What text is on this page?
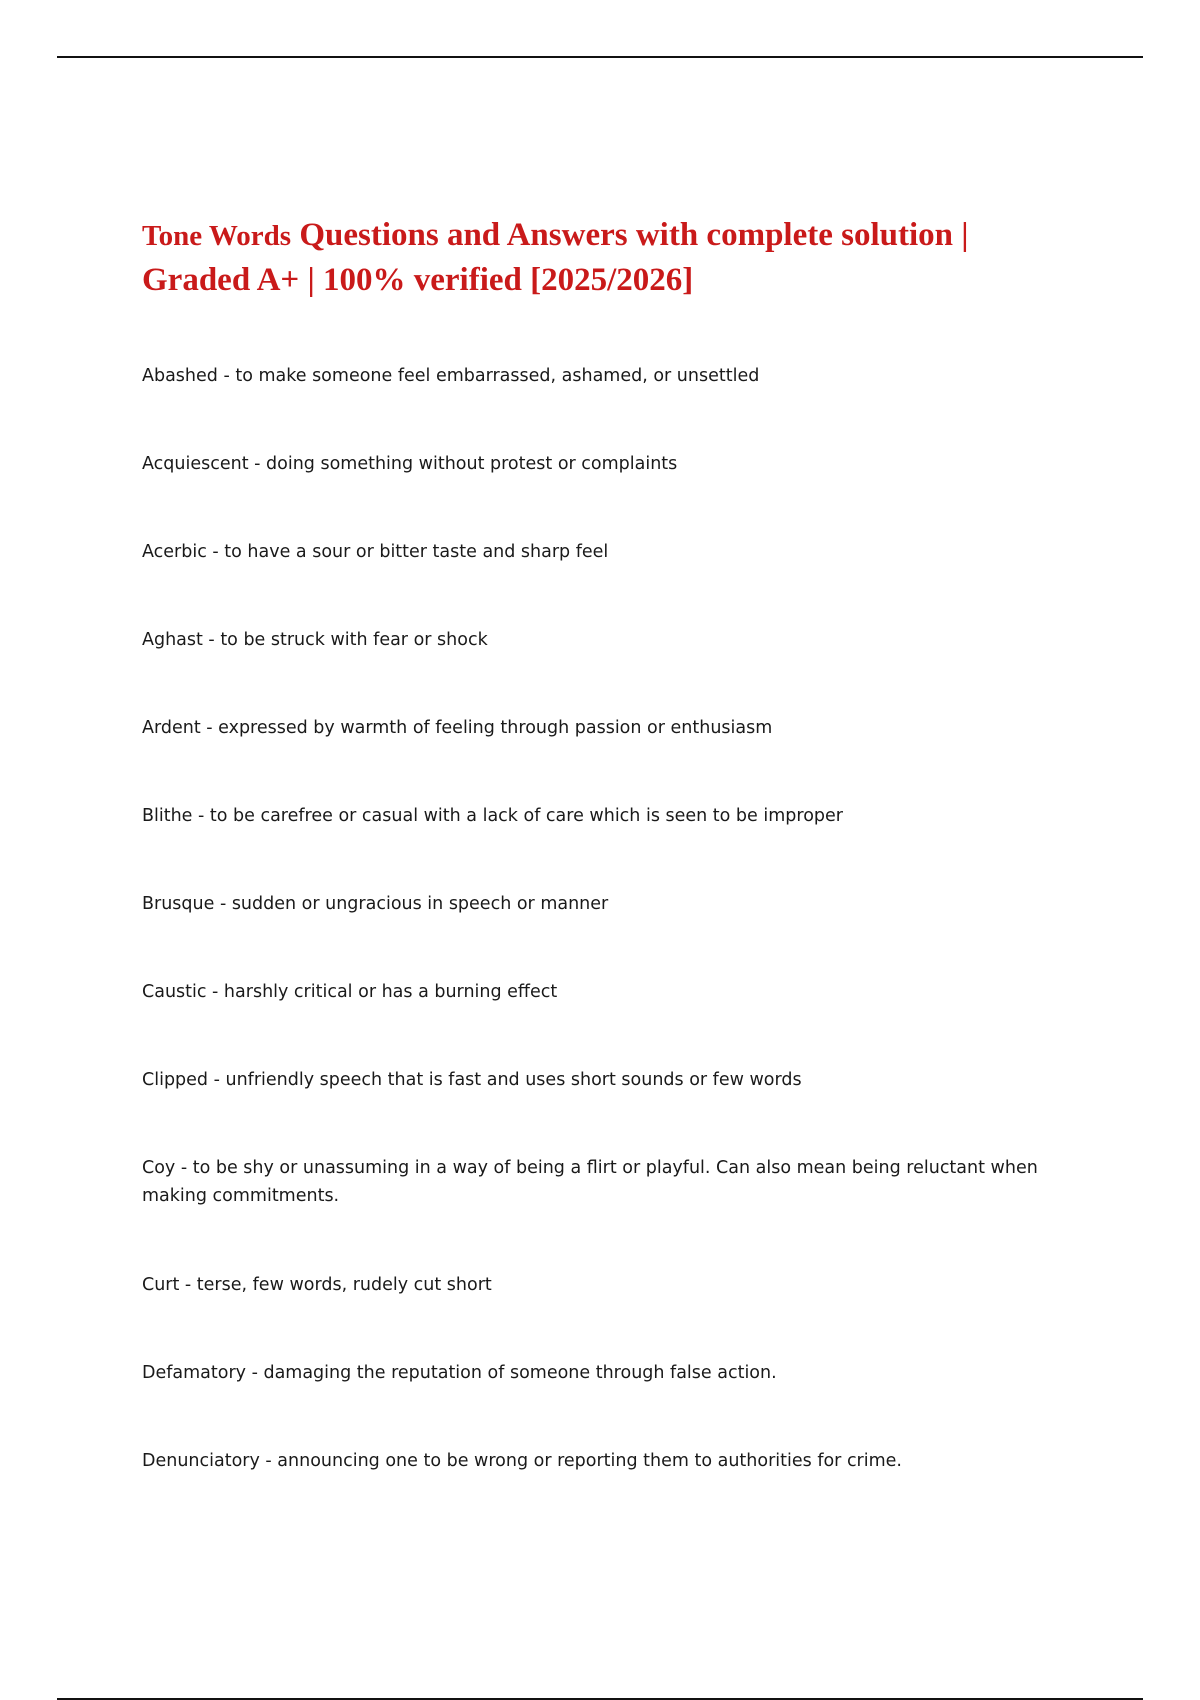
Tone Words Questions and Answers with complete solution | Graded A+ | 100% verified [2025/2026]
Abashed - to make someone feel embarrassed, ashamed, or unsettled
Acquiescent - doing something without protest or complaints
Acerbic - to have a sour or bitter taste and sharp feel
Aghast - to be struck with fear or shock
Ardent - expressed by warmth of feeling through passion or enthusiasm
Blithe - to be carefree or casual with a lack of care which is seen to be improper
Brusque - sudden or ungracious in speech or manner
Caustic - harshly critical or has a burning effect
Clipped - unfriendly speech that is fast and uses short sounds or few words
Coy - to be shy or unassuming in a way of being a flirt or playful. Can also mean being reluctant when making commitments.
Curt - terse, few words, rudely cut short
Defamatory - damaging the reputation of someone through false action.
Denunciatory - announcing one to be wrong or reporting them to authorities for crime.
